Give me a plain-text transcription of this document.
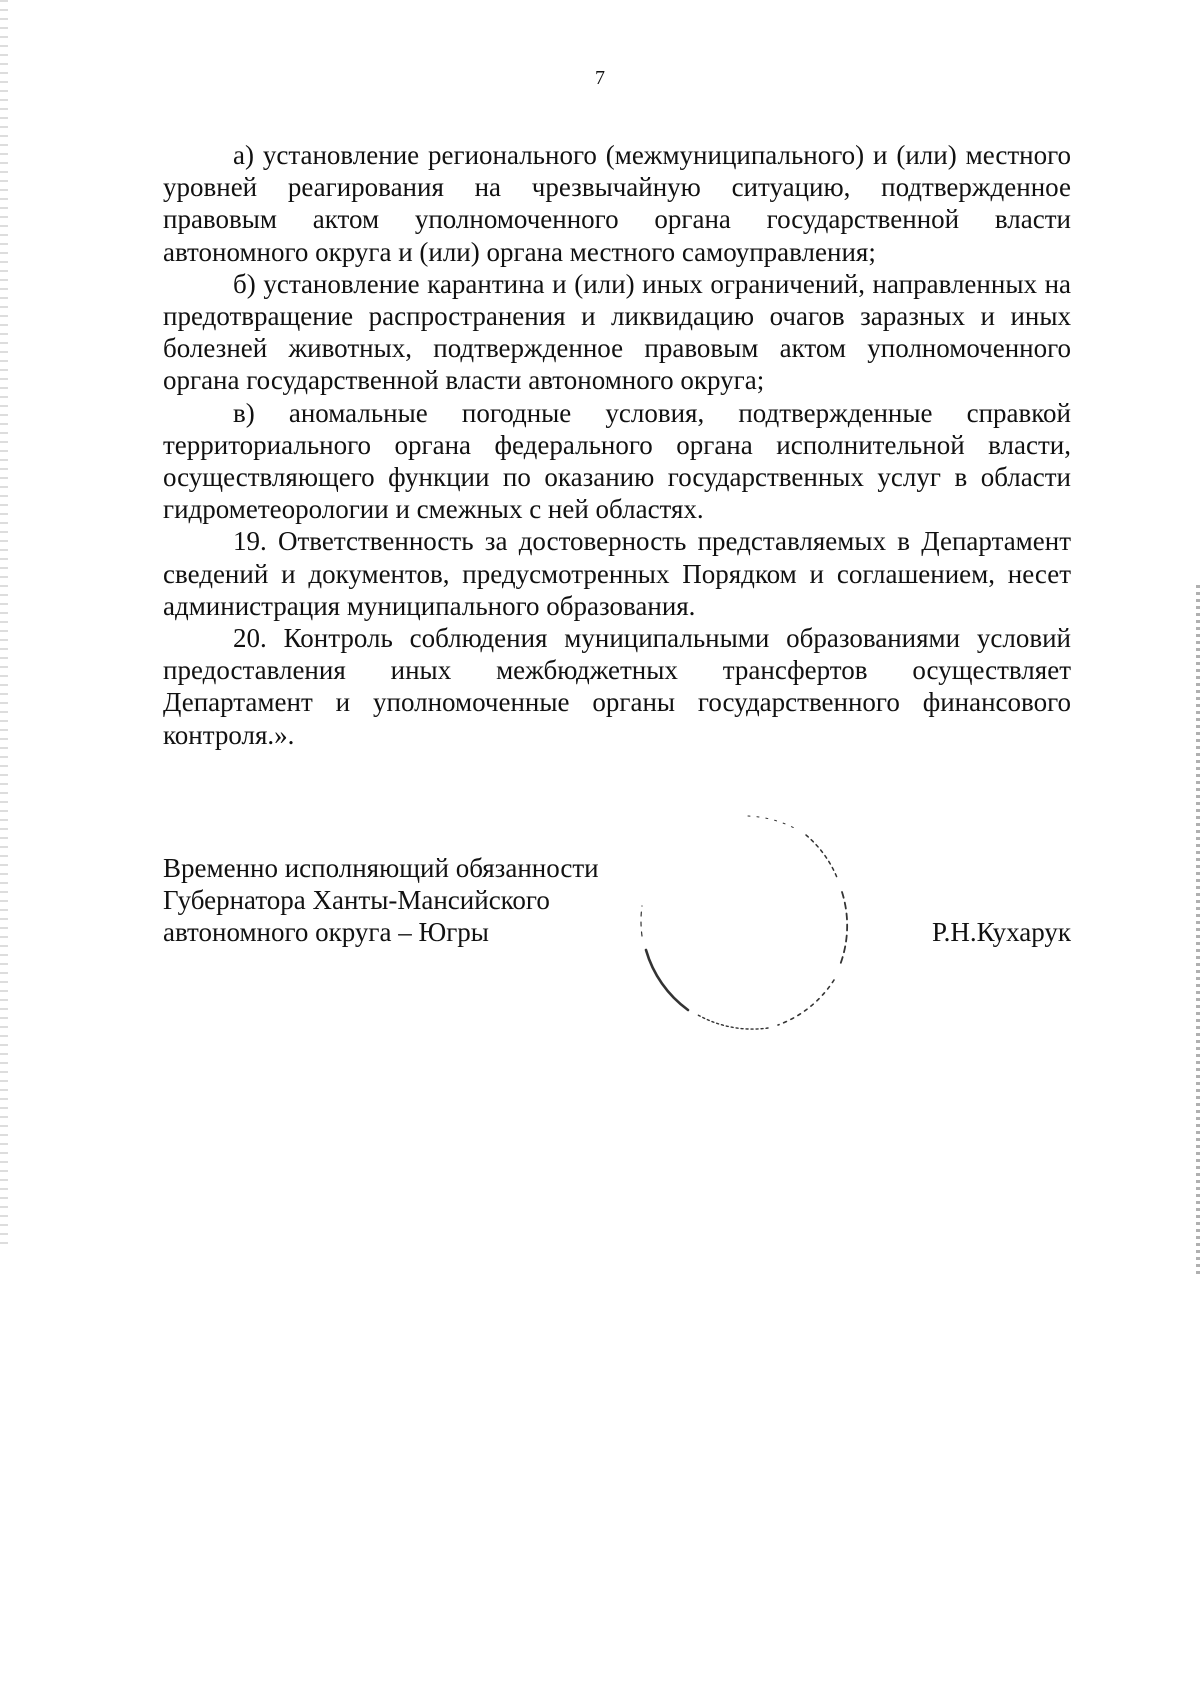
7

а) установление регионального (межмуниципального) и (или) местного уровней реагирования на чрезвычайную ситуацию, подтвержденное правовым актом уполномоченного органа государственной власти автономного округа и (или) органа местного самоуправления;

б) установление карантина и (или) иных ограничений, направленных на предотвращение распространения и ликвидацию очагов заразных и иных болезней животных, подтвержденное правовым актом уполномоченного органа государственной власти автономного округа;

в) аномальные погодные условия, подтвержденные справкой территориального органа федерального органа исполнительной власти, осуществляющего функции по оказанию государственных услуг в области гидрометеорологии и смежных с ней областях.

19. Ответственность за достоверность представляемых в Департамент сведений и документов, предусмотренных Порядком и соглашением, несет администрация муниципального образования.

20. Контроль соблюдения муниципальными образованиями условий предоставления иных межбюджетных трансфертов осуществляет Департамент и уполномоченные органы государственного финансового контроля.».

Временно исполняющий обязанности
Губернатора Ханты-Мансийского
автономного округа – Югры	Р.Н.Кухарук
